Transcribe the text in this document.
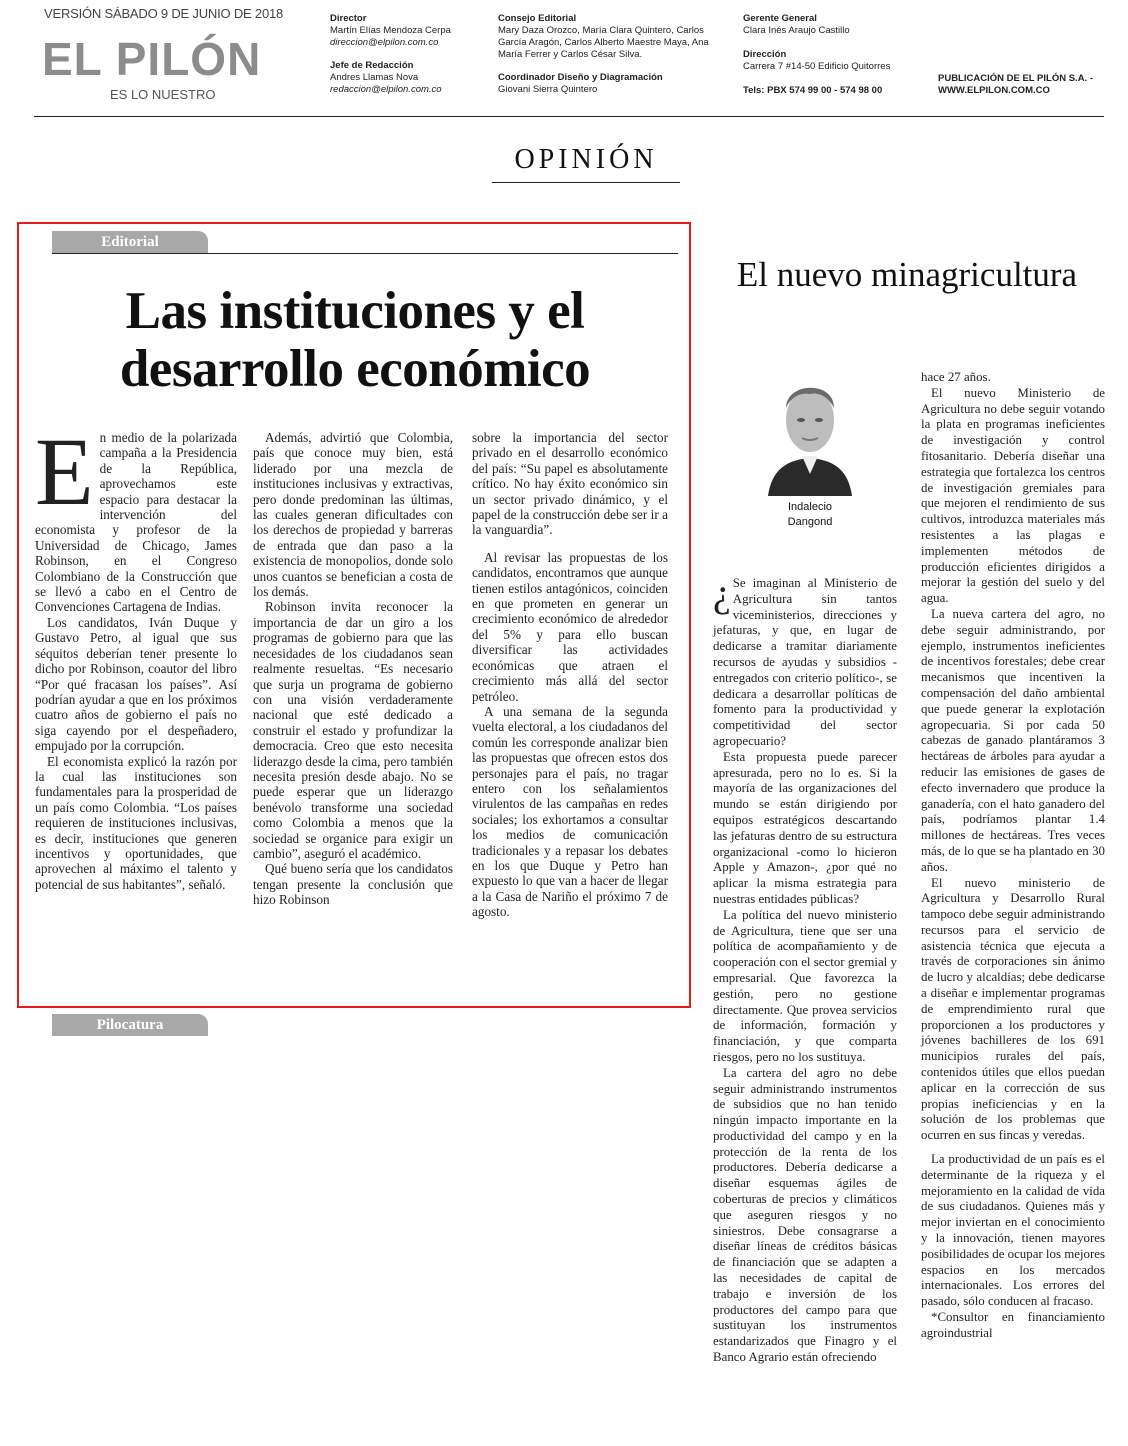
VERSIÓN SÁBADO 9 DE JUNIO DE 2018
EL PILÓN
ES LO NUESTRO
Director
Martín Elías Mendoza Cerpa
direccion@elpilon.com.co
Jefe de Redacción
Andres Llamas Nova
redaccion@elpilon.com.co
Consejo Editorial
Mary Daza Orozco, María Clara Quintero, Carlos García Aragón, Carlos Alberto Maestre Maya, Ana María Ferrer y Carlos César Silva.
Coordinador Diseño y Diagramación
Giovani Sierra Quintero
Gerente General
Clara Inés Araujo Castillo
Dirección
Carrera 7 #14-50 Edificio Quitorres
Tels: PBX 574 99 00 - 574 98 00
PUBLICACIÓN DE EL PILÓN S.A. - WWW.ELPILON.COM.CO
OPINIÓN
Editorial
Las instituciones y el desarrollo económico

En medio de la polarizada campaña a la Presidencia de la República, aprovechamos este espacio para destacar la intervención del economista y profesor de la Universidad de Chicago, James Robinson, en el Congreso Colombiano de la Construcción que se llevó a cabo en el Centro de Convenciones Cartagena de Indias.

Los candidatos, Iván Duque y Gustavo Petro, al igual que sus séquitos deberían tener presente lo dicho por Robinson, coautor del libro “Por qué fracasan los países”. Así podrían ayudar a que en los próximos cuatro años de gobierno el país no siga cayendo por el despeñadero, empujado por la corrupción.

El economista explicó la razón por la cual las instituciones son fundamentales para la prosperidad de un país como Colombia. “Los países requieren de instituciones inclusivas, es decir, instituciones que generen incentivos y oportunidades, que aprovechen al máximo el talento y potencial de sus habitantes”, señaló.

Además, advirtió que Colombia, país que conoce muy bien, está liderado por una mezcla de instituciones inclusivas y extractivas, pero donde predominan las últimas, las cuales generan dificultades con los derechos de propiedad y barreras de entrada que dan paso a la existencia de monopolios, donde solo unos cuantos se benefician a costa de los demás.

Robinson invita reconocer la importancia de dar un giro a los programas de gobierno para que las necesidades de los ciudadanos sean realmente resueltas. “Es necesario que surja un programa de gobierno con una visión verdaderamente nacional que esté dedicado a construir el estado y profundizar la democracia. Creo que esto necesita liderazgo desde la cima, pero también necesita presión desde abajo. No se puede esperar que un liderazgo benévolo transforme una sociedad como Colombia a menos que la sociedad se organice para exigir un cambio”, aseguró el académico.

Qué bueno sería que los candidatos tengan presente la conclusión que hizo Robinson

sobre la importancia del sector privado en el desarrollo económico del país: “Su papel es absolutamente crítico. No hay éxito económico sin un sector privado dinámico, y el papel de la construcción debe ser ir a la vanguardia”.

Al revisar las propuestas de los candidatos, encontramos que aunque tienen estilos antagónicos, coinciden en que prometen en generar un crecimiento económico de alrededor del 5% y para ello buscan diversificar las actividades económicas que atraen el crecimiento más allá del sector petróleo.

A una semana de la segunda vuelta electoral, a los ciudadanos del común les corresponde analizar bien las propuestas que ofrecen estos dos personajes para el país, no tragar entero con los señalamientos virulentos de las campañas en redes sociales; los exhortamos a consultar los medios de comunicación tradicionales y a repasar los debates en los que Duque y Petro han expuesto lo que van a hacer de llegar a la Casa de Nariño el próximo 7 de agosto.

Pilocatura
El nuevo minagricultura
Indalecio
Dangond

¿ Se imaginan al Ministerio de Agricultura sin tantos viceministerios, direcciones y jefaturas, y que, en lugar de dedicarse a tramitar diariamente recursos de ayudas y subsidios -entregados con criterio político-, se dedicara a desarrollar políticas de fomento para la productividad y competitividad del sector agropecuario?

Esta propuesta puede parecer apresurada, pero no lo es. Si la mayoría de las organizaciones del mundo se están dirigiendo por equipos estratégicos descartando las jefaturas dentro de su estructura organizacional -como lo hicieron Apple y Amazon-, ¿por qué no aplicar la misma estrategia para nuestras entidades públicas?

La política del nuevo ministerio de Agricultura, tiene que ser una política de acompañamiento y de cooperación con el sector gremial y empresarial. Que favorezca la gestión, pero no gestione directamente. Que provea servicios de información, formación y financiación, y que comparta riesgos, pero no los sustituya.

La cartera del agro no debe seguir administrando instrumentos de subsidios que no han tenido ningún impacto importante en la productividad del campo y en la protección de la renta de los productores. Debería dedicarse a diseñar esquemas ágiles de coberturas de precios y climáticos que aseguren riesgos y no siniestros. Debe consagrarse a diseñar líneas de créditos básicas de financiación que se adapten a las necesidades de capital de trabajo e inversión de los productores del campo para que sustituyan los instrumentos estandarizados que Finagro y el Banco Agrario están ofreciendo

hace 27 años.

El nuevo Ministerio de Agricultura no debe seguir votando la plata en programas ineficientes de investigación y control fitosanitario. Debería diseñar una estrategia que fortalezca los centros de investigación gremiales para que mejoren el rendimiento de sus cultivos, introduzca materiales más resistentes a las plagas e implementen métodos de producción eficientes dirigidos a mejorar la gestión del suelo y del agua.

La nueva cartera del agro, no debe seguir administrando, por ejemplo, instrumentos ineficientes de incentivos forestales; debe crear mecanismos que incentiven la compensación del daño ambiental que puede generar la explotación agropecuaria. Si por cada 50 cabezas de ganado plantáramos 3 hectáreas de árboles para ayudar a reducir las emisiones de gases de efecto invernadero que produce la ganadería, con el hato ganadero del país, podríamos plantar 1.4 millones de hectáreas. Tres veces más, de lo que se ha plantado en 30 años.

El nuevo ministerio de Agricultura y Desarrollo Rural tampoco debe seguir administrando recursos para el servicio de asistencia técnica que ejecuta a través de corporaciones sin ánimo de lucro y alcaldías; debe dedicarse a diseñar e implementar programas de emprendimiento rural que proporcionen a los productores y jóvenes bachilleres de los 691 municipios rurales del país, contenidos útiles que ellos puedan aplicar en la corrección de sus propias ineficiencias y en la solución de los problemas que ocurren en sus fincas y veredas.

La productividad de un país es el determinante de la riqueza y el mejoramiento en la calidad de vida de sus ciudadanos. Quienes más y mejor inviertan en el conocimiento y la innovación, tienen mayores posibilidades de ocupar los mejores espacios en los mercados internacionales. Los errores del pasado, sólo conducen al fracaso.

*Consultor en financiamiento agroindustrial
